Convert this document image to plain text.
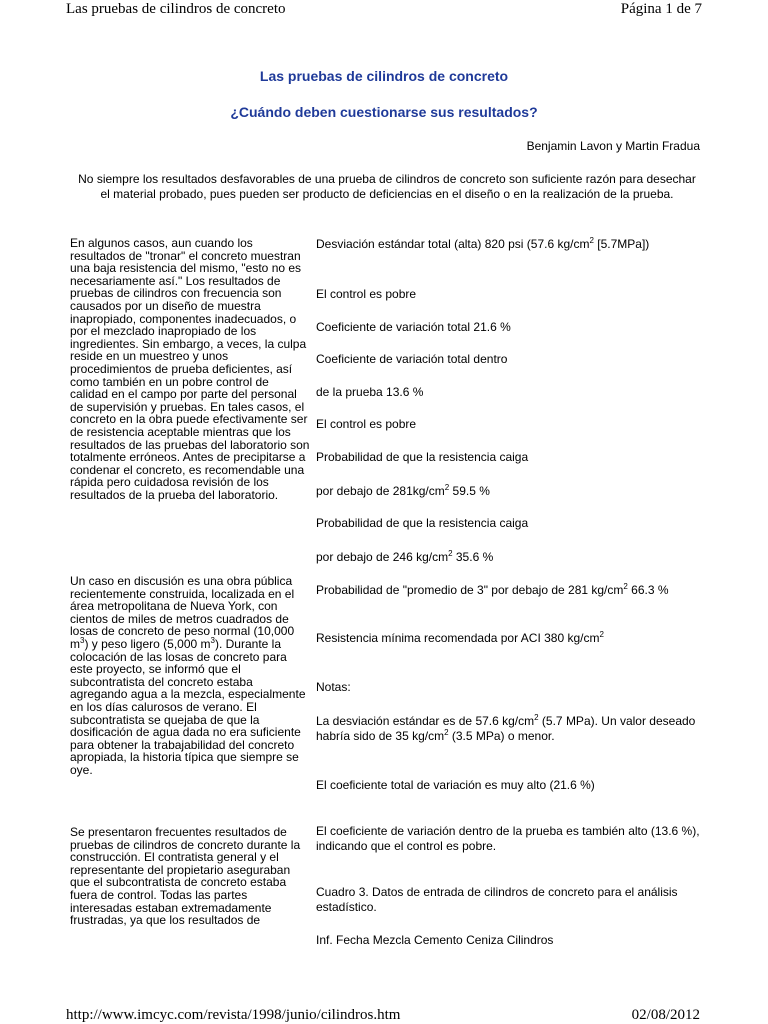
Las pruebas de cilindros de concreto	Página 1 de 7
Las pruebas de cilindros de concreto
¿Cuándo deben cuestionarse sus resultados?
Benjamin Lavon y Martin Fradua
No siempre los resultados desfavorables de una prueba de cilindros de concreto son suficiente razón para desechar el material probado, pues pueden ser producto de deficiencias en el diseño o en la realización de la prueba.
En algunos casos, aun cuando los resultados de "tronar" el concreto muestran una baja resistencia del mismo, "esto no es necesariamente así." Los resultados de pruebas de cilindros con frecuencia son causados por un diseño de muestra inapropiado, componentes inadecuados, o por el mezclado inapropiado de los ingredientes. Sin embargo, a veces, la culpa reside en un muestreo y unos procedimientos de prueba deficientes, así como también en un pobre control de calidad en el campo por parte del personal de supervisión y pruebas. En tales casos, el concreto en la obra puede efectivamente ser de resistencia aceptable mientras que los resultados de las pruebas del laboratorio son totalmente erróneos. Antes de precipitarse a condenar el concreto, es recomendable una rápida pero cuidadosa revisión de los resultados de la prueba del laboratorio.
Un caso en discusión es una obra pública recientemente construida, localizada en el área metropolitana de Nueva York, con cientos de miles de metros cuadrados de losas de concreto de peso normal (10,000 $m^3$) y peso ligero (5,000 $m^3$). Durante la colocación de las losas de concreto para este proyecto, se informó que el subcontratista del concreto estaba agregando agua a la mezcla, especialmente en los días calurosos de verano. El subcontratista se quejaba de que la dosificación de agua dada no era suficiente para obtener la trabajabilidad del concreto apropiada, la historia típica que siempre se oye.
Se presentaron frecuentes resultados de pruebas de cilindros de concreto durante la construcción. El contratista general y el representante del propietario aseguraban que el subcontratista de concreto estaba fuera de control. Todas las partes interesadas estaban extremadamente frustradas, ya que los resultados de
Desviación estándar total (alta) 820 psi (57.6 $kg/cm^2$ [5.7MPa])
El control es pobre
Coeficiente de variación total 21.6 %
Coeficiente de variación total dentro
de la prueba 13.6 %
El control es pobre
Probabilidad de que la resistencia caiga
por debajo de $281kg/cm^2$ 59.5 %
Probabilidad de que la resistencia caiga
por debajo de 246 $kg/cm^2$ 35.6 %
Probabilidad de "promedio de 3" por debajo de 281 $kg/cm^2$ 66.3 %
Resistencia mínima recomendada por ACI 380 $kg/cm^2$
Notas:
La desviación estándar es de 57.6 $kg/cm^2$ (5.7 MPa). Un valor deseado habría sido de 35 $kg/cm^2$ (3.5 MPa) o menor.
El coeficiente total de variación es muy alto (21.6 %)
El coeficiente de variación dentro de la prueba es también alto (13.6 %), indicando que el control es pobre.
Cuadro 3. Datos de entrada de cilindros de concreto para el análisis estadístico.
Inf. Fecha Mezcla Cemento Ceniza Cilindros
http://www.imcyc.com/revista/1998/junio/cilindros.htm	02/08/2012
